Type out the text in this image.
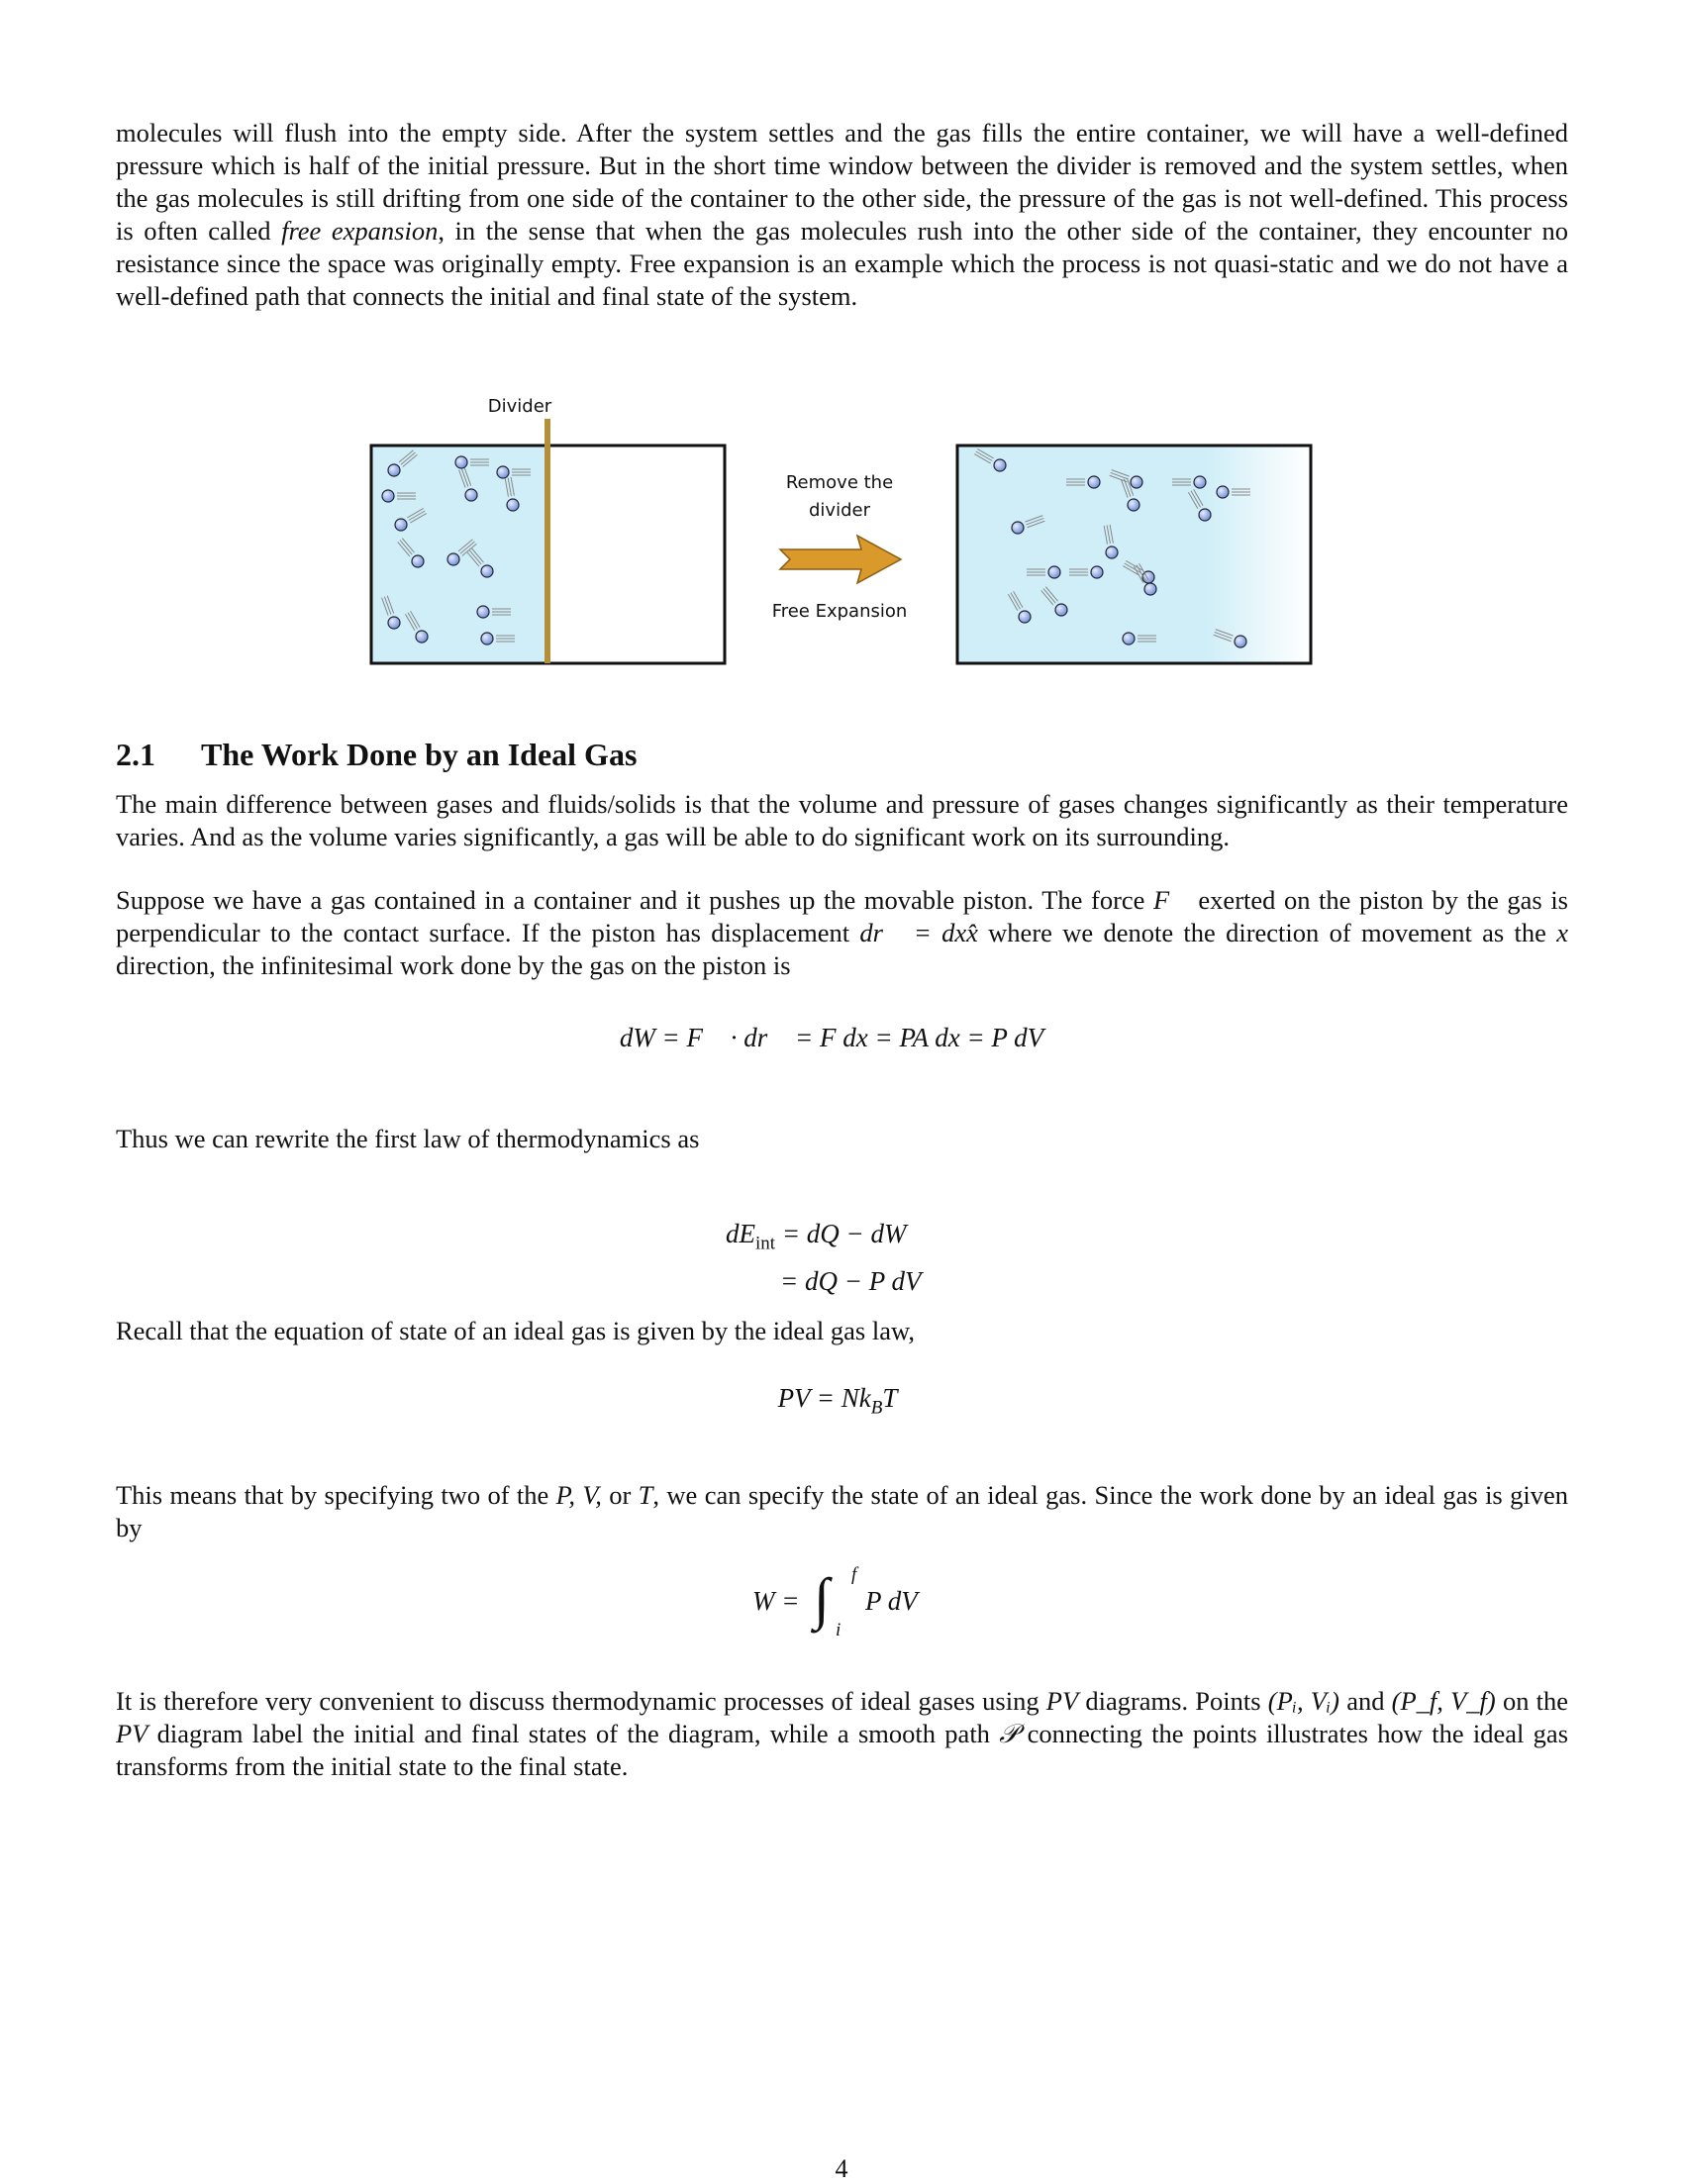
molecules will flush into the empty side. After the system settles and the gas fills the entire container, we will have a well-defined pressure which is half of the initial pressure. But in the short time window between the divider is removed and the system settles, when the gas molecules is still drifting from one side of the container to the other side, the pressure of the gas is not well-defined. This process is often called free expansion, in the sense that when the gas molecules rush into the other side of the container, they encounter no resistance since the space was originally empty. Free expansion is an example which the process is not quasi-static and we do not have a well-defined path that connects the initial and final state of the system.

Divider
Remove the
divider
Free Expansion
2.1 The Work Done by an Ideal Gas

The main difference between gases and fluids/solids is that the volume and pressure of gases changes significantly as their temperature varies. And as the volume varies significantly, a gas will be able to do significant work on its surrounding.

Suppose we have a gas contained in a container and it pushes up the movable piston. The force F⃗ exerted on the piston by the gas is perpendicular to the contact surface. If the piston has displacement dr⃗ = dxx̂ where we denote the direction of movement as the x direction, the infinitesimal work done by the gas on the piston is

dW = F⃗ · dr⃗ = F dx = PA dx = P dV

Thus we can rewrite the first law of thermodynamics as

$dE_{int}$ = dQ − dW
= dQ − P dV

Recall that the equation of state of an ideal gas is given by the ideal gas law,

PV = $Nk_BT$

This means that by specifying two of the P, V, or T, we can specify the state of an ideal gas. Since the work done by an ideal gas is given by

W = ∫ f
i
P dV

It is therefore very convenient to discuss thermodynamic processes of ideal gases using PV diagrams. Points (Pᵢ, Vᵢ) and (P_f, V_f) on the PV diagram label the initial and final states of the diagram, while a smooth path 𝒫 connecting the points illustrates how the ideal gas transforms from the initial state to the final state.

4
